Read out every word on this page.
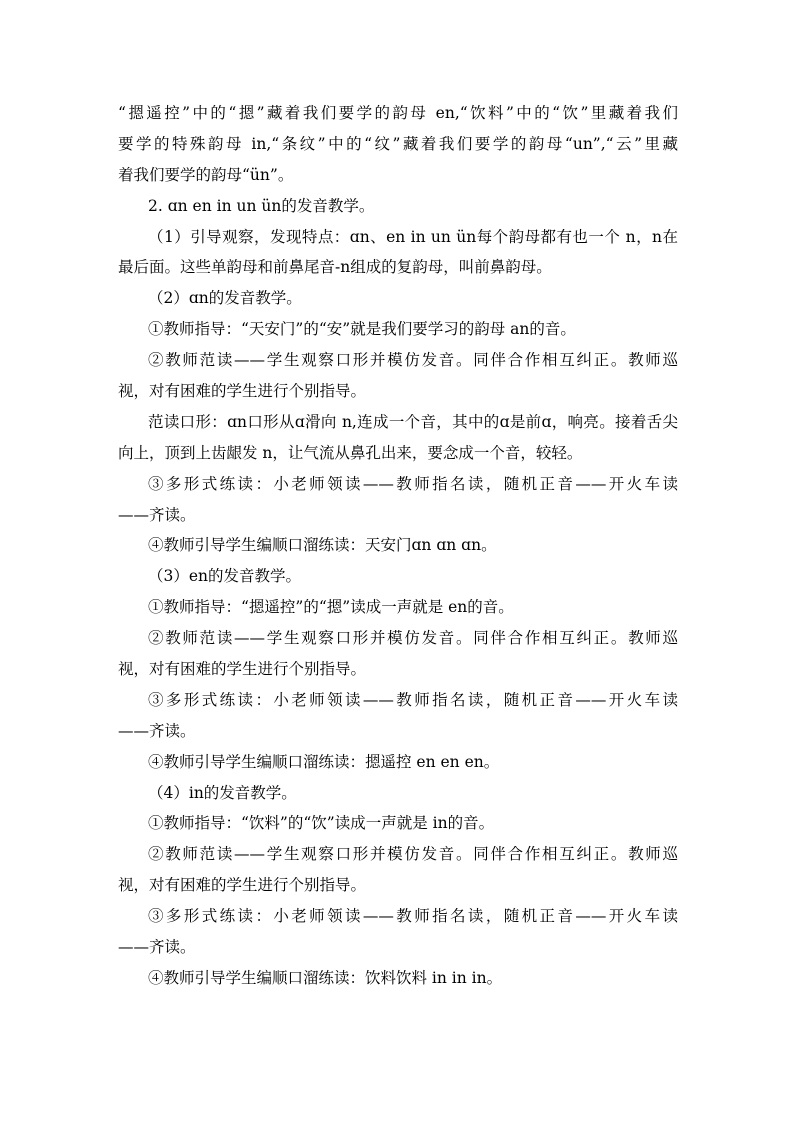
“摁遥控”中的“摁”藏着我们要学的韵母 en,“饮料”中的“饮”里藏着我们
要学的特殊韵母 in,“条纹”中的“纹”藏着我们要学的韵母“un”,“云”里藏
着我们要学的韵母“ün”。
2. ɑn en in un ün的发音教学。
（1）引导观察，发现特点：ɑn、en in un ün每个韵母都有也一个 n，n在
最后面。这些单韵母和前鼻尾音-n组成的复韵母，叫前鼻韵母。
（2）ɑn的发音教学。
①教师指导：“天安门”的“安”就是我们要学习的韵母 an的音。
②教师范读——学生观察口形并模仿发音。同伴合作相互纠正。教师巡
视，对有困难的学生进行个别指导。
范读口形：ɑn口形从ɑ滑向 n,连成一个音，其中的ɑ是前ɑ，响亮。接着舌尖
向上，顶到上齿龈发 n，让气流从鼻孔出来，要念成一个音，较轻。
③多形式练读：小老师领读——教师指名读，随机正音——开火车读
——齐读。
④教师引导学生编顺口溜练读：天安门ɑn ɑn ɑn。
（3）en的发音教学。
①教师指导：“摁遥控”的“摁”读成一声就是 en的音。
②教师范读——学生观察口形并模仿发音。同伴合作相互纠正。教师巡
视，对有困难的学生进行个别指导。
③多形式练读：小老师领读——教师指名读，随机正音——开火车读
——齐读。
④教师引导学生编顺口溜练读：摁遥控 en en en。
（4）in的发音教学。
①教师指导：“饮料”的“饮”读成一声就是 in的音。
②教师范读——学生观察口形并模仿发音。同伴合作相互纠正。教师巡
视，对有困难的学生进行个别指导。
③多形式练读：小老师领读——教师指名读，随机正音——开火车读
——齐读。
④教师引导学生编顺口溜练读：饮料饮料 in in in。
